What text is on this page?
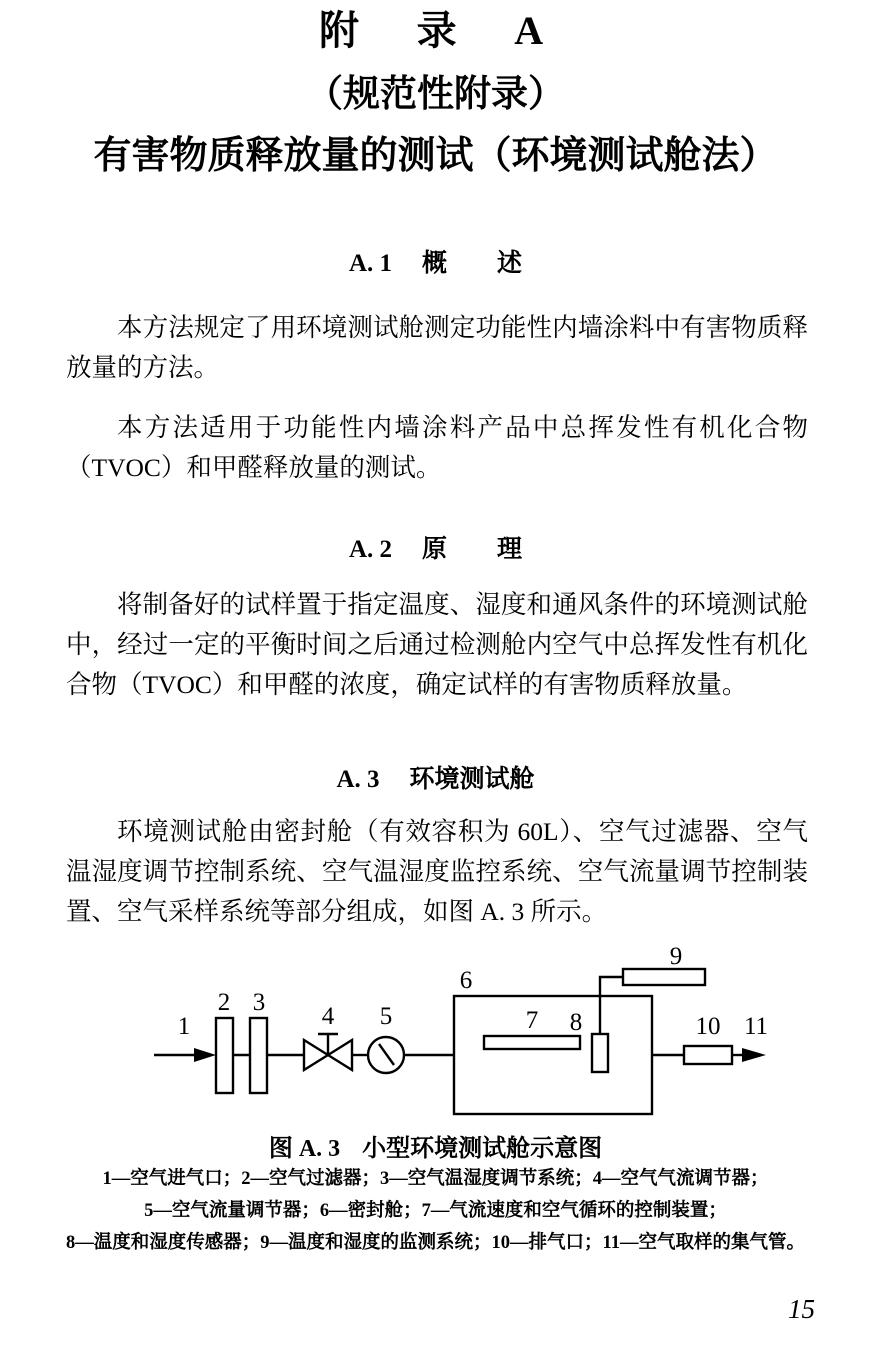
附　录　A
（规范性附录）
有害物质释放量的测试（环境测试舱法）
A. 1 概　　述
本方法规定了用环境测试舱测定功能性内墙涂料中有害物质释放量的方法。
本方法适用于功能性内墙涂料产品中总挥发性有机化合物（TVOC）和甲醛释放量的测试。
A. 2 原　　理
将制备好的试样置于指定温度、湿度和通风条件的环境测试舱中，经过一定的平衡时间之后通过检测舱内空气中总挥发性有机化合物（TVOC）和甲醛的浓度，确定试样的有害物质释放量。
A. 3 环境测试舱
环境测试舱由密封舱（有效容积为 60L）、空气过滤器、空气温湿度调节控制系统、空气温湿度监控系统、空气流量调节控制装置、空气采样系统等部分组成，如图 A. 3 所示。
1
2 3
4 5
6
7 8
9
10 11
图 A. 3 小型环境测试舱示意图
1—空气进气口；2—空气过滤器；3—空气温湿度调节系统；4—空气气流调节器；
5—空气流量调节器；6—密封舱；7—气流速度和空气循环的控制装置；
8—温度和湿度传感器；9—温度和湿度的监测系统；10—排气口；11—空气取样的集气管。
15
